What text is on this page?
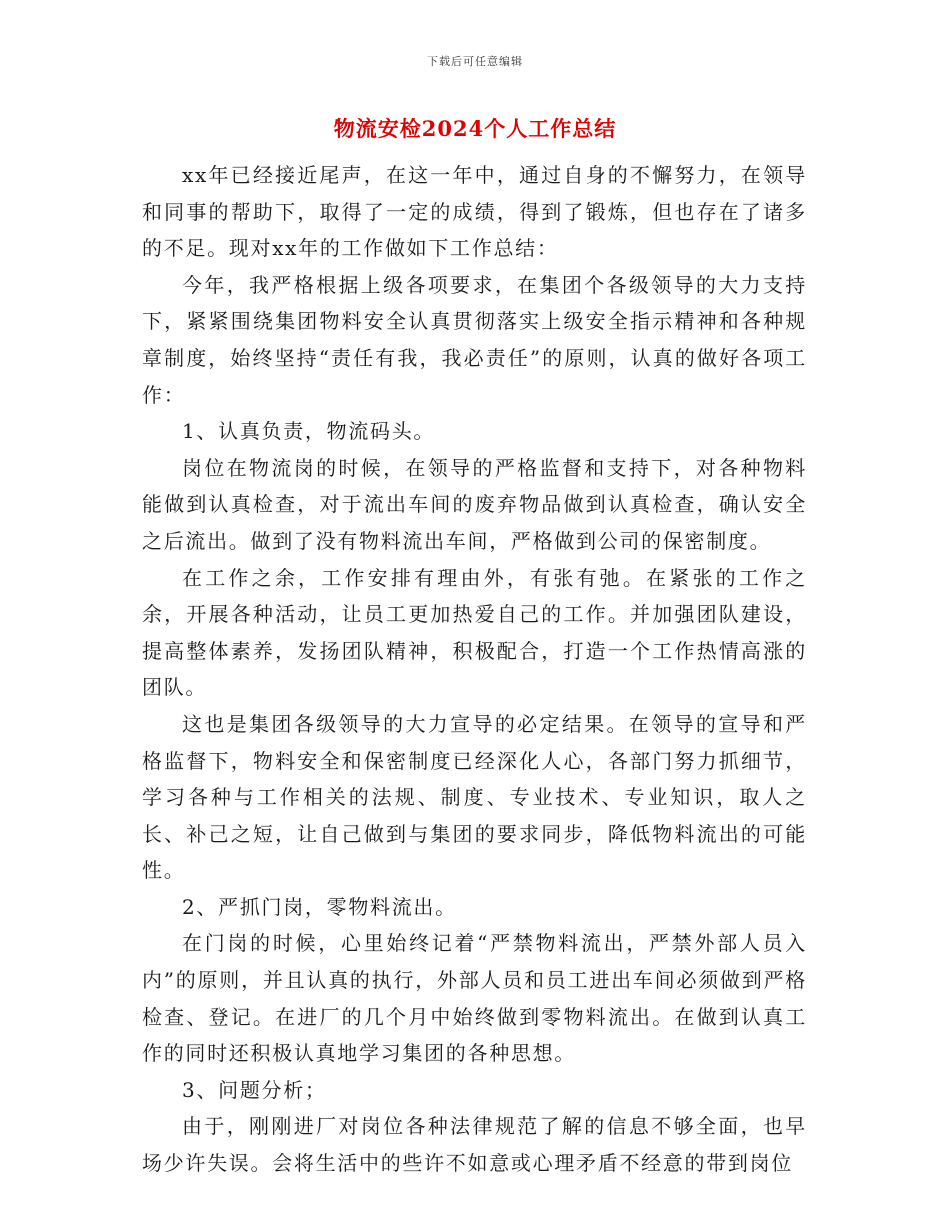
下载后可任意编辑
物流安检2024个人工作总结

xx年已经接近尾声，在这一年中，通过自身的不懈努力，在领导和同事的帮助下，取得了一定的成绩，得到了锻炼，但也存在了诸多的不足。现对xx年的工作做如下工作总结：

今年，我严格根据上级各项要求，在集团个各级领导的大力支持下，紧紧围绕集团物料安全认真贯彻落实上级安全指示精神和各种规章制度，始终坚持“责任有我，我必责任”的原则，认真的做好各项工作：

1、认真负责，物流码头。

岗位在物流岗的时候，在领导的严格监督和支持下，对各种物料能做到认真检查，对于流出车间的废弃物品做到认真检查，确认安全之后流出。做到了没有物料流出车间，严格做到公司的保密制度。

在工作之余，工作安排有理由外，有张有弛。在紧张的工作之余，开展各种活动，让员工更加热爱自己的工作。并加强团队建设，提高整体素养，发扬团队精神，积极配合，打造一个工作热情高涨的团队。

这也是集团各级领导的大力宣导的必定结果。在领导的宣导和严格监督下，物料安全和保密制度已经深化人心，各部门努力抓细节，学习各种与工作相关的法规、制度、专业技术、专业知识，取人之长、补己之短，让自己做到与集团的要求同步，降低物料流出的可能性。

2、严抓门岗，零物料流出。

在门岗的时候，心里始终记着“严禁物料流出，严禁外部人员入内”的原则，并且认真的执行，外部人员和员工进出车间必须做到严格检查、登记。在进厂的几个月中始终做到零物料流出。在做到认真工作的同时还积极认真地学习集团的各种思想。

3、问题分析；

由于，刚刚进厂对岗位各种法律规范了解的信息不够全面，也早场少许失误。会将生活中的些许不如意或心理矛盾不经意的带到岗位
